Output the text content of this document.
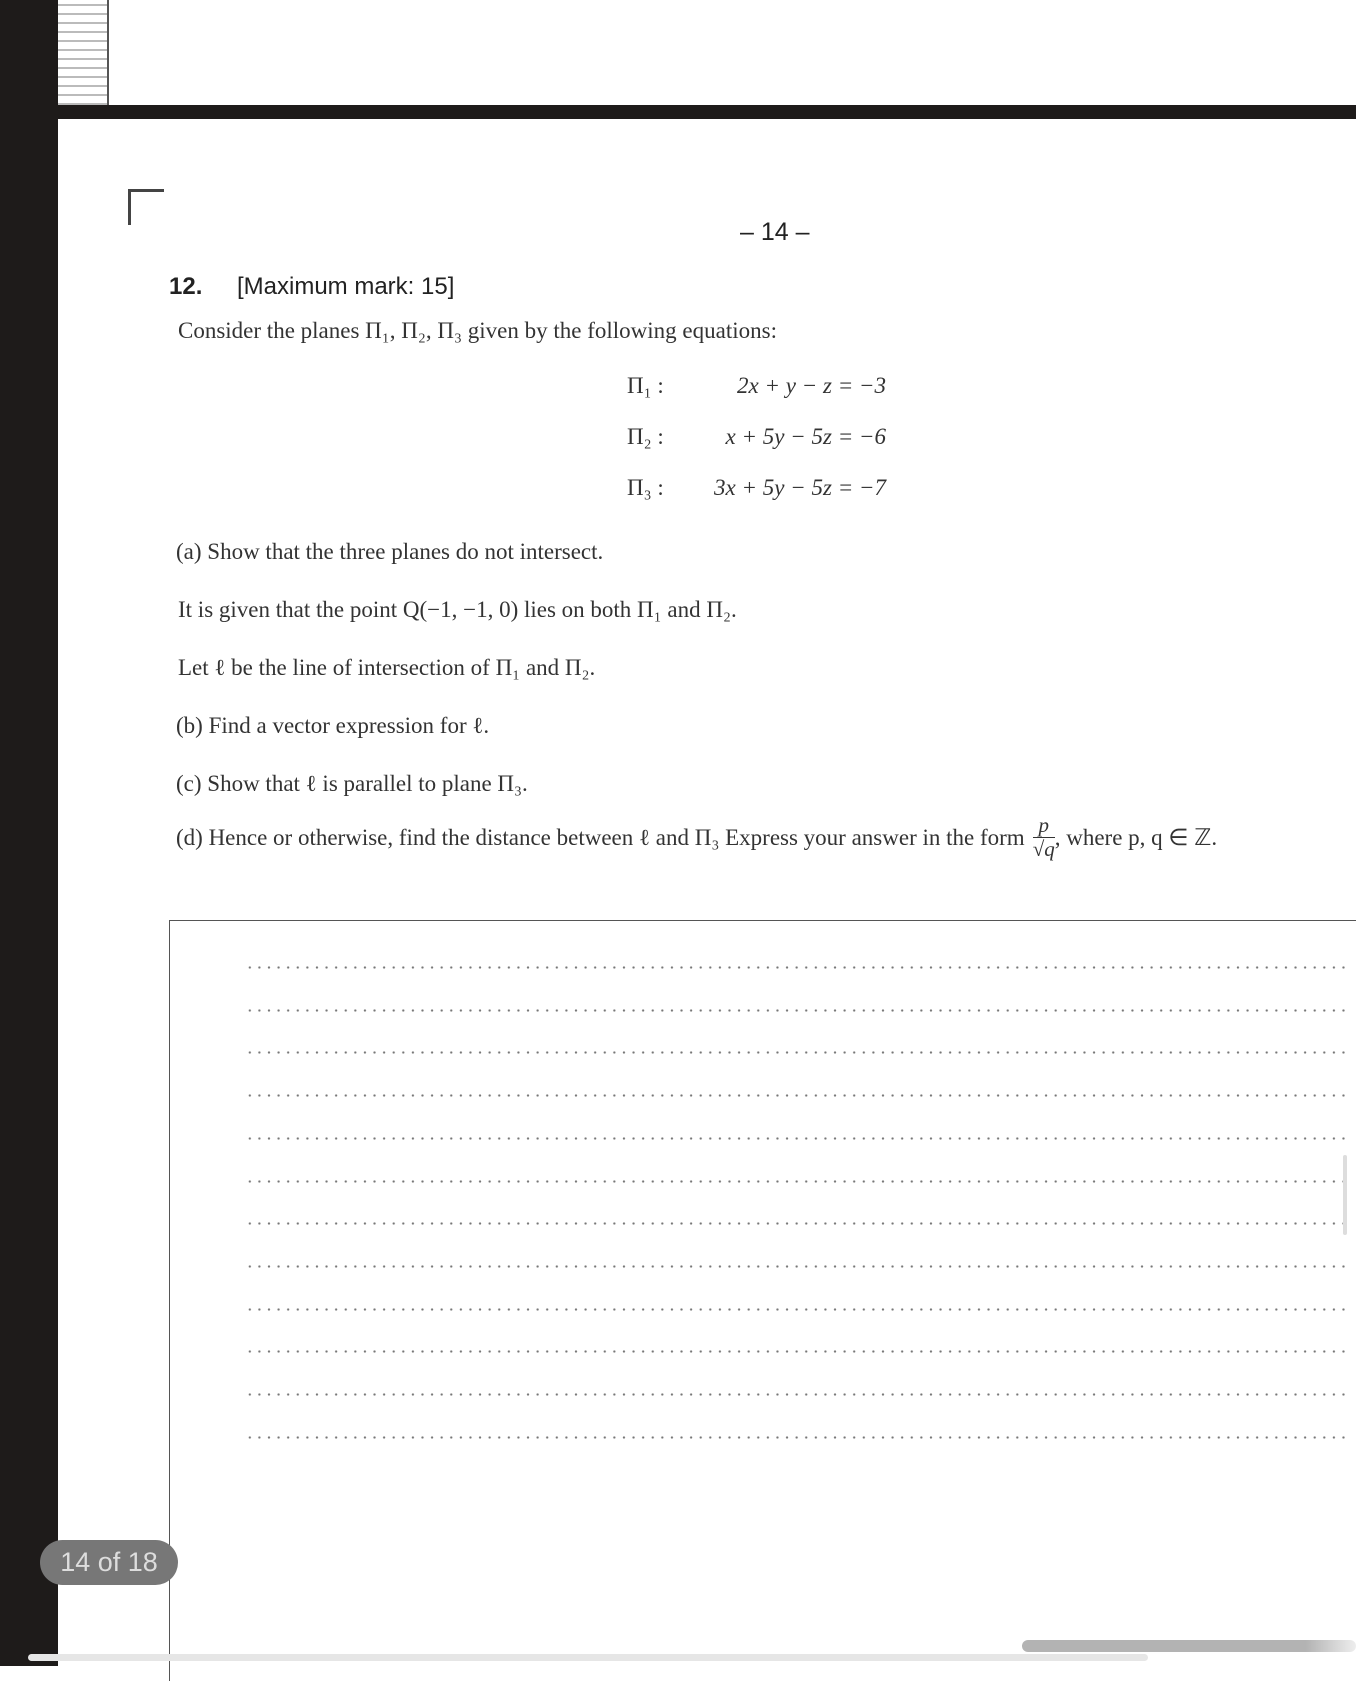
– 14 –
12. [Maximum mark: 15]
Consider the planes Π₁, Π₂, Π₃ given by the following equations:
Π₁ :	2x + y − z = −3
Π₂ :	x + 5y − 5z = −6
Π₃ : 3x + 5y − 5z = −7
(a) Show that the three planes do not intersect.
It is given that the point Q(−1, −1, 0) lies on both Π₁ and Π₂.
Let ℓ be the line of intersection of Π₁ and Π₂.
(b) Find a vector expression for ℓ.
(c) Show that ℓ is parallel to plane Π₃.
(d) Hence or otherwise, find the distance between ℓ and Π₃ Express your answer in the form $\frac{p}{√q}$ , where p, q ∈ ℤ.
14 of 18
